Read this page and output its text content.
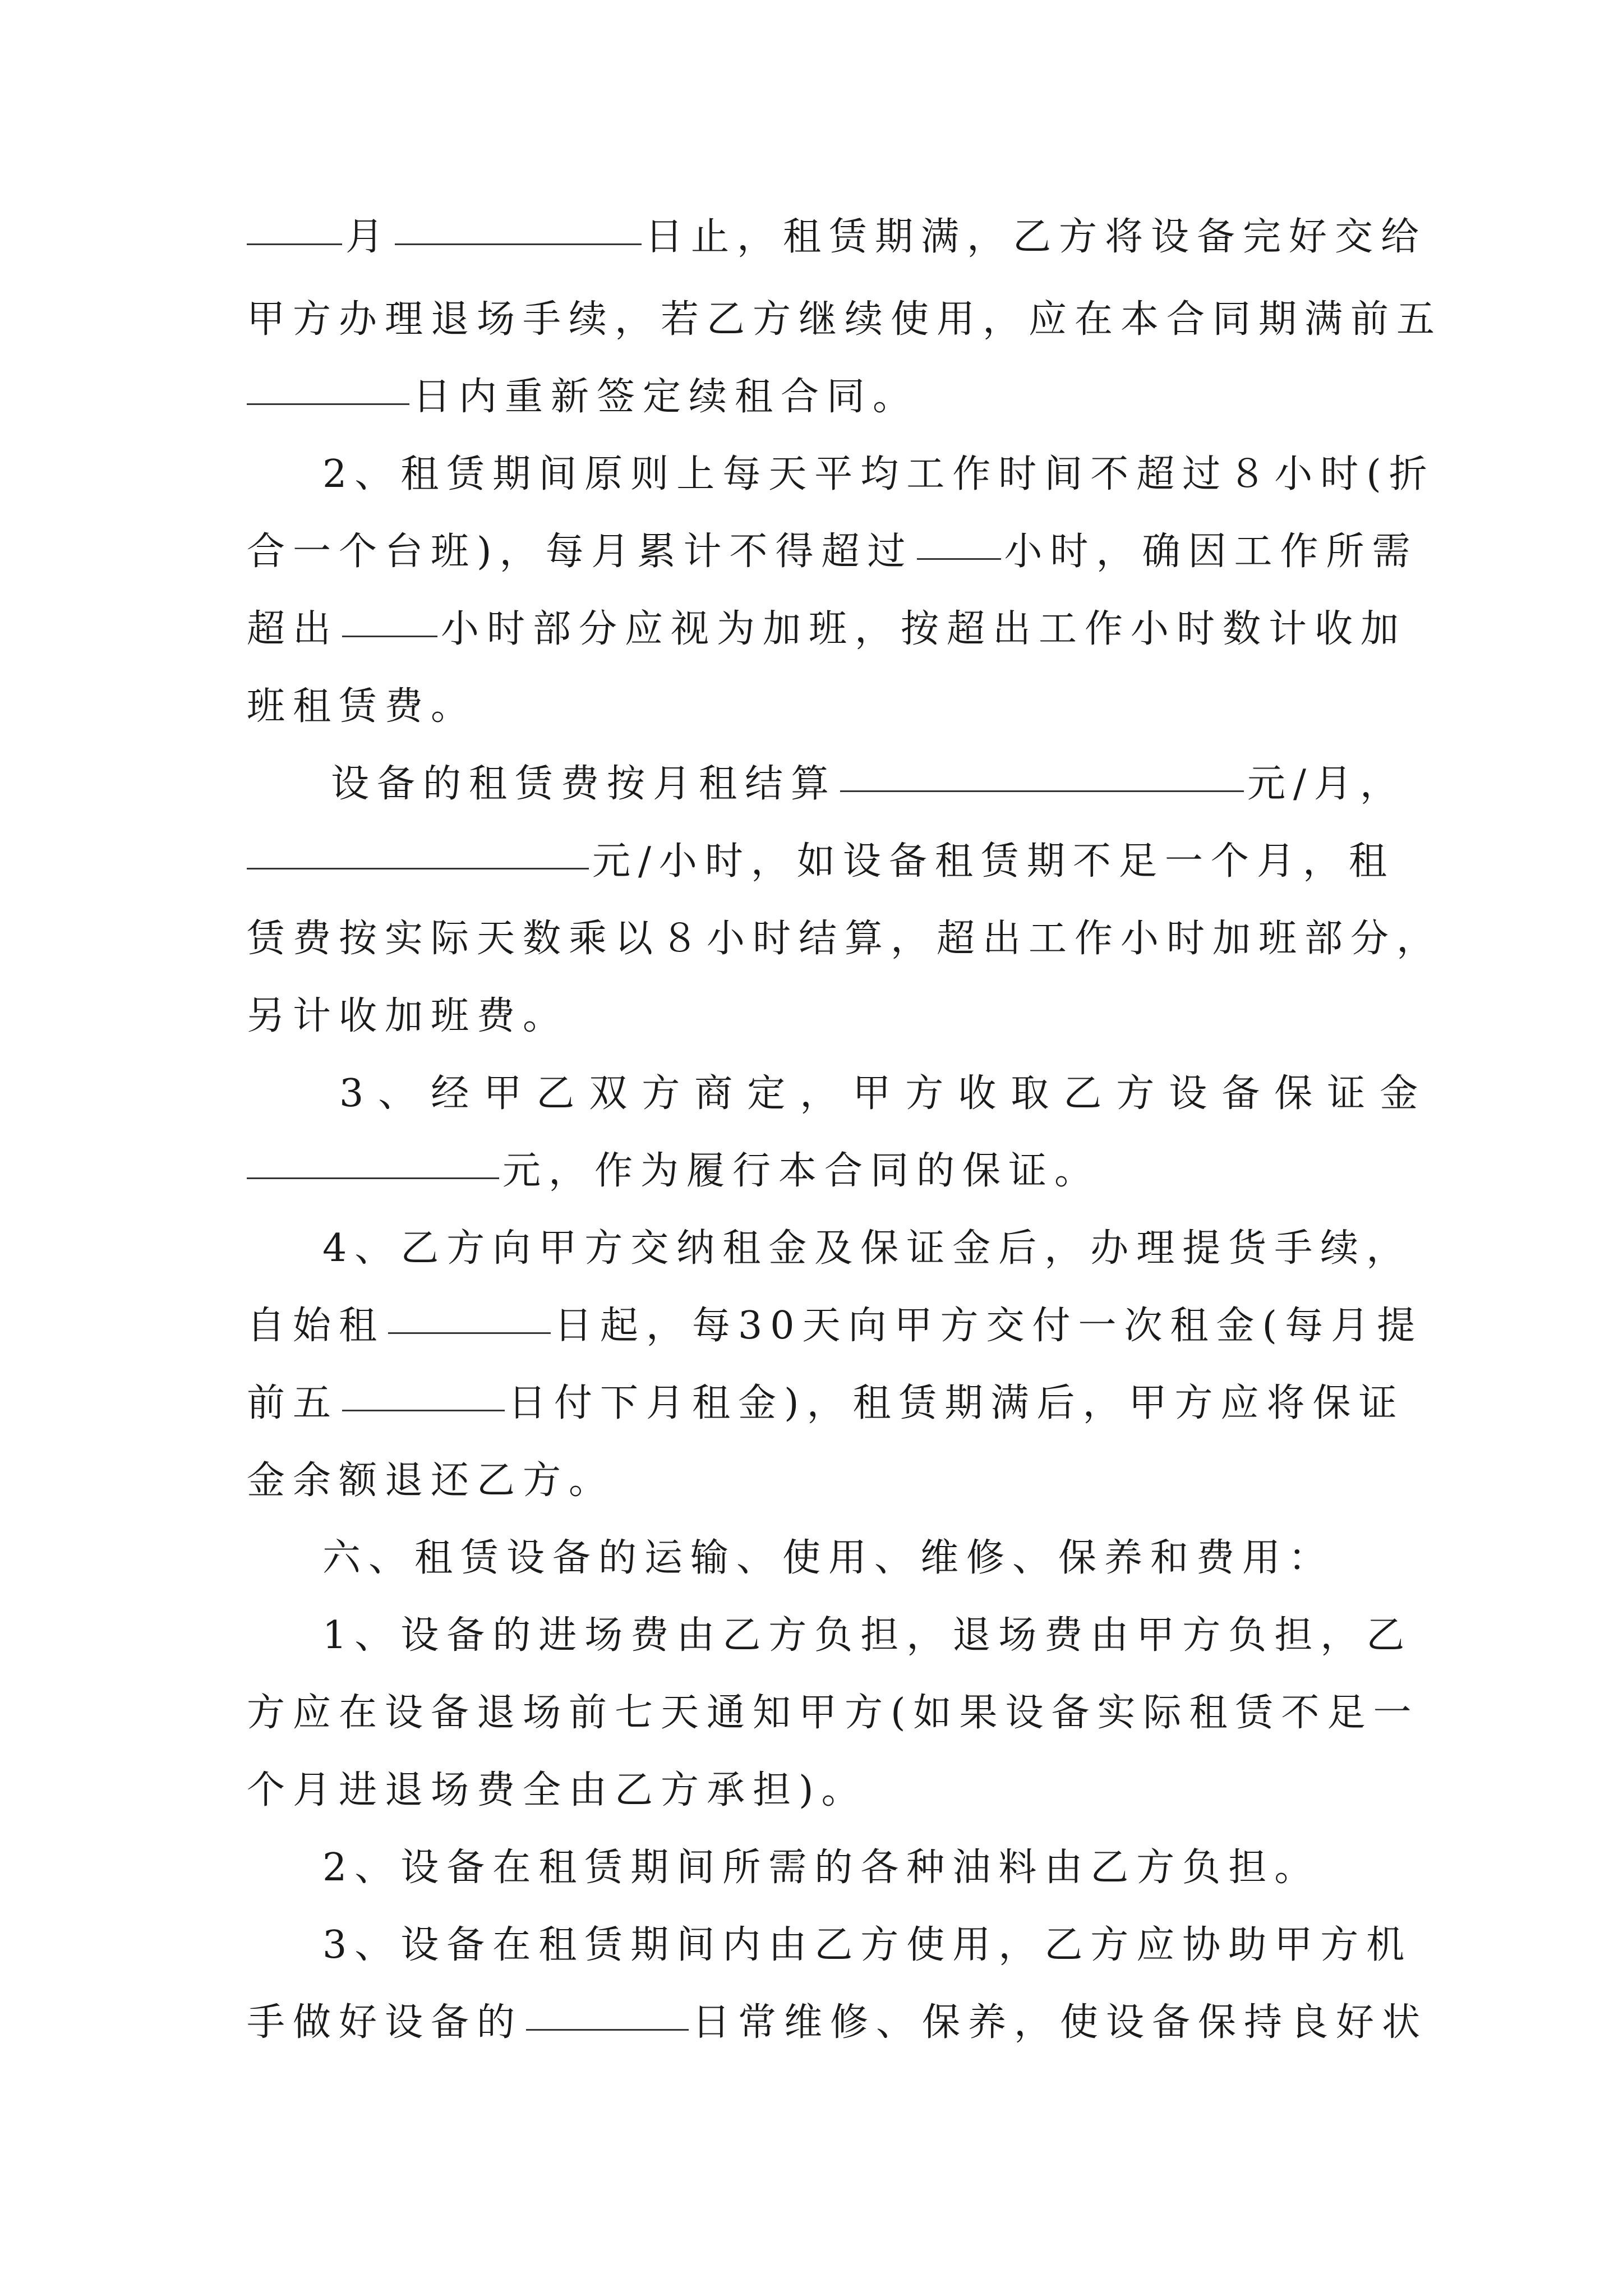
月	日止，租赁期满，乙方将设备完好交给
甲方办理退场手续，若乙方继续使用，应在本合同期满前五
日内重新签定续租合同。
2、租赁期间原则上每天平均工作时间不超过８小时(折
合一个台班)，每月累计不得超过 小时，确因工作所需
超出	小时部分应视为加班，按超出工作小时数计收加
班租赁费。
设备的租赁费按月租结算	元/月，
元/小时，如设备租赁期不足一个月，租
赁费按实际天数乘以８小时结算，超出工作小时加班部分，
另计收加班费。
3、经甲乙双方商定，甲方收取乙方设备保证金
元，作为履行本合同的保证。
4、乙方向甲方交纳租金及保证金后，办理提货手续，
自始租	日起，每30天向甲方交付一次租金(每月提
前五	日付下月租金)，租赁期满后，甲方应将保证
金余额退还乙方。
六、租赁设备的运输、使用、维修、保养和费用：
1、设备的进场费由乙方负担，退场费由甲方负担，乙
方应在设备退场前七天通知甲方(如果设备实际租赁不足一
个月进退场费全由乙方承担)。
2、设备在租赁期间所需的各种油料由乙方负担。
3、设备在租赁期间内由乙方使用，乙方应协助甲方机
手做好设备的	日常维修、保养，使设备保持良好状
